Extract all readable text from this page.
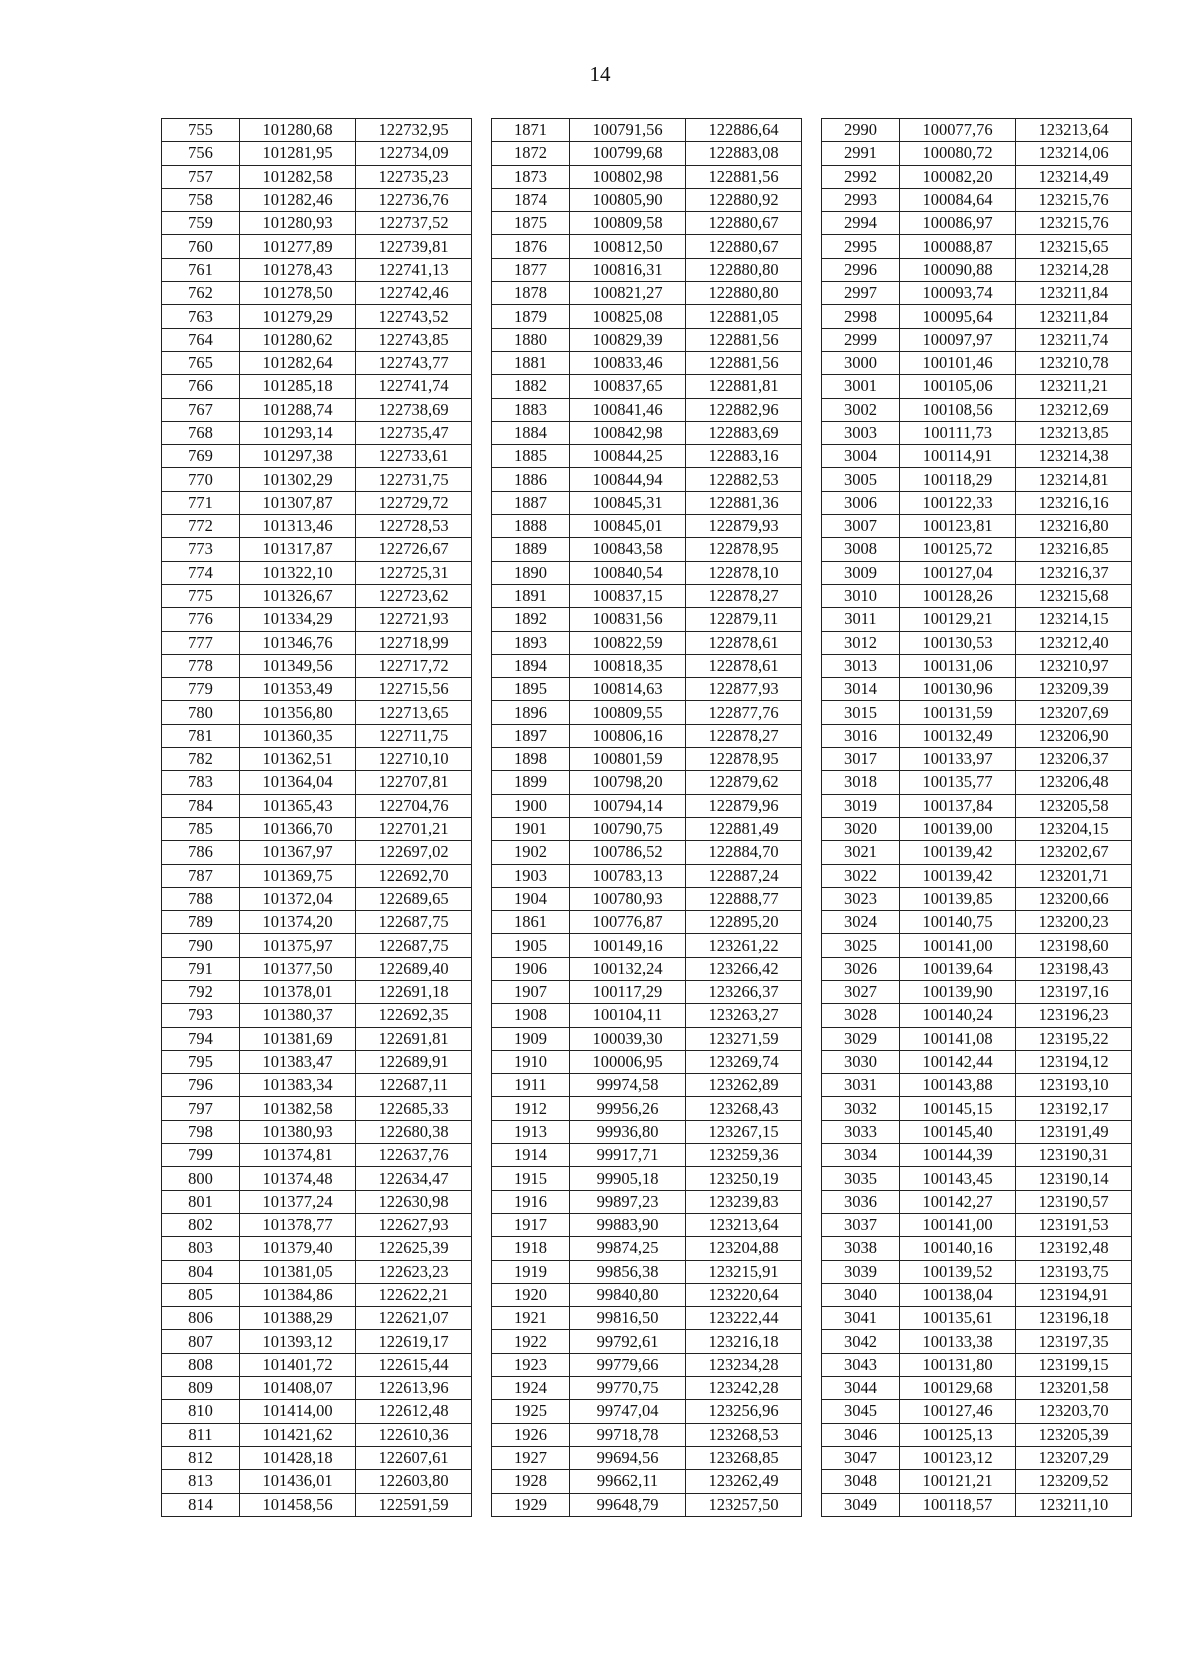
14
755	101280,68	122732,95		1871	100791,56	122886,64		2990	100077,76	123213,64
756	101281,95	122734,09		1872	100799,68	122883,08		2991	100080,72	123214,06
757	101282,58	122735,23		1873	100802,98	122881,56		2992	100082,20	123214,49
758	101282,46	122736,76		1874	100805,90	122880,92		2993	100084,64	123215,76
759	101280,93	122737,52		1875	100809,58	122880,67		2994	100086,97	123215,76
760	101277,89	122739,81		1876	100812,50	122880,67		2995	100088,87	123215,65
761	101278,43	122741,13		1877	100816,31	122880,80		2996	100090,88	123214,28
762	101278,50	122742,46		1878	100821,27	122880,80		2997	100093,74	123211,84
763	101279,29	122743,52		1879	100825,08	122881,05		2998	100095,64	123211,84
764	101280,62	122743,85		1880	100829,39	122881,56		2999	100097,97	123211,74
765	101282,64	122743,77		1881	100833,46	122881,56		3000	100101,46	123210,78
766	101285,18	122741,74		1882	100837,65	122881,81		3001	100105,06	123211,21
767	101288,74	122738,69		1883	100841,46	122882,96		3002	100108,56	123212,69
768	101293,14	122735,47		1884	100842,98	122883,69		3003	100111,73	123213,85
769	101297,38	122733,61		1885	100844,25	122883,16		3004	100114,91	123214,38
770	101302,29	122731,75		1886	100844,94	122882,53		3005	100118,29	123214,81
771	101307,87	122729,72		1887	100845,31	122881,36		3006	100122,33	123216,16
772	101313,46	122728,53		1888	100845,01	122879,93		3007	100123,81	123216,80
773	101317,87	122726,67		1889	100843,58	122878,95		3008	100125,72	123216,85
774	101322,10	122725,31		1890	100840,54	122878,10		3009	100127,04	123216,37
775	101326,67	122723,62		1891	100837,15	122878,27		3010	100128,26	123215,68
776	101334,29	122721,93		1892	100831,56	122879,11		3011	100129,21	123214,15
777	101346,76	122718,99		1893	100822,59	122878,61		3012	100130,53	123212,40
778	101349,56	122717,72		1894	100818,35	122878,61		3013	100131,06	123210,97
779	101353,49	122715,56		1895	100814,63	122877,93		3014	100130,96	123209,39
780	101356,80	122713,65		1896	100809,55	122877,76		3015	100131,59	123207,69
781	101360,35	122711,75		1897	100806,16	122878,27		3016	100132,49	123206,90
782	101362,51	122710,10		1898	100801,59	122878,95		3017	100133,97	123206,37
783	101364,04	122707,81		1899	100798,20	122879,62		3018	100135,77	123206,48
784	101365,43	122704,76		1900	100794,14	122879,96		3019	100137,84	123205,58
785	101366,70	122701,21		1901	100790,75	122881,49		3020	100139,00	123204,15
786	101367,97	122697,02		1902	100786,52	122884,70		3021	100139,42	123202,67
787	101369,75	122692,70		1903	100783,13	122887,24		3022	100139,42	123201,71
788	101372,04	122689,65		1904	100780,93	122888,77		3023	100139,85	123200,66
789	101374,20	122687,75		1861	100776,87	122895,20		3024	100140,75	123200,23
790	101375,97	122687,75		1905	100149,16	123261,22		3025	100141,00	123198,60
791	101377,50	122689,40		1906	100132,24	123266,42		3026	100139,64	123198,43
792	101378,01	122691,18		1907	100117,29	123266,37		3027	100139,90	123197,16
793	101380,37	122692,35		1908	100104,11	123263,27		3028	100140,24	123196,23
794	101381,69	122691,81		1909	100039,30	123271,59		3029	100141,08	123195,22
795	101383,47	122689,91		1910	100006,95	123269,74		3030	100142,44	123194,12
796	101383,34	122687,11		1911	99974,58	123262,89		3031	100143,88	123193,10
797	101382,58	122685,33		1912	99956,26	123268,43		3032	100145,15	123192,17
798	101380,93	122680,38		1913	99936,80	123267,15		3033	100145,40	123191,49
799	101374,81	122637,76		1914	99917,71	123259,36		3034	100144,39	123190,31
800	101374,48	122634,47		1915	99905,18	123250,19		3035	100143,45	123190,14
801	101377,24	122630,98		1916	99897,23	123239,83		3036	100142,27	123190,57
802	101378,77	122627,93		1917	99883,90	123213,64		3037	100141,00	123191,53
803	101379,40	122625,39		1918	99874,25	123204,88		3038	100140,16	123192,48
804	101381,05	122623,23		1919	99856,38	123215,91		3039	100139,52	123193,75
805	101384,86	122622,21		1920	99840,80	123220,64		3040	100138,04	123194,91
806	101388,29	122621,07		1921	99816,50	123222,44		3041	100135,61	123196,18
807	101393,12	122619,17		1922	99792,61	123216,18		3042	100133,38	123197,35
808	101401,72	122615,44		1923	99779,66	123234,28		3043	100131,80	123199,15
809	101408,07	122613,96		1924	99770,75	123242,28		3044	100129,68	123201,58
810	101414,00	122612,48		1925	99747,04	123256,96		3045	100127,46	123203,70
811	101421,62	122610,36		1926	99718,78	123268,53		3046	100125,13	123205,39
812	101428,18	122607,61		1927	99694,56	123268,85		3047	100123,12	123207,29
813	101436,01	122603,80		1928	99662,11	123262,49		3048	100121,21	123209,52
814	101458,56	122591,59		1929	99648,79	123257,50		3049	100118,57	123211,10
